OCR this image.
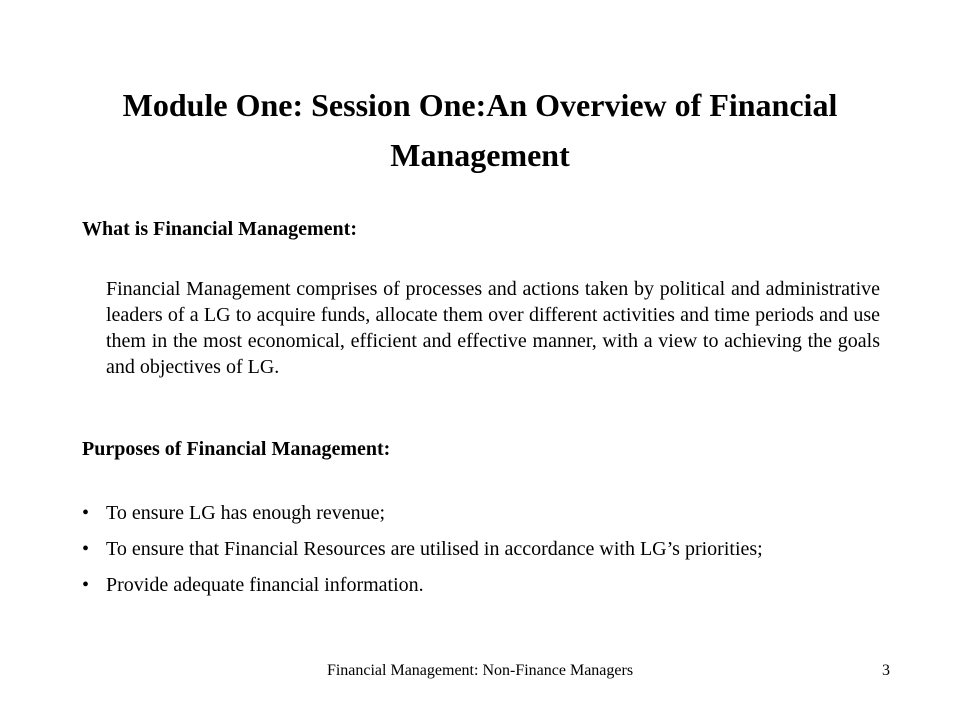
Module One: Session One:An Overview of Financial Management
What is Financial Management:
Financial Management comprises of processes and actions taken by political and administrative leaders of a LG to acquire funds, allocate them over different activities and time periods and use them in the most economical, efficient and effective manner, with a view to achieving the goals and objectives of LG.
Purposes of Financial Management:
• To ensure LG has enough revenue;
• To ensure that Financial Resources are utilised in accordance with LG’s priorities;
• Provide adequate financial information.
Financial Management: Non-Finance Managers	3
